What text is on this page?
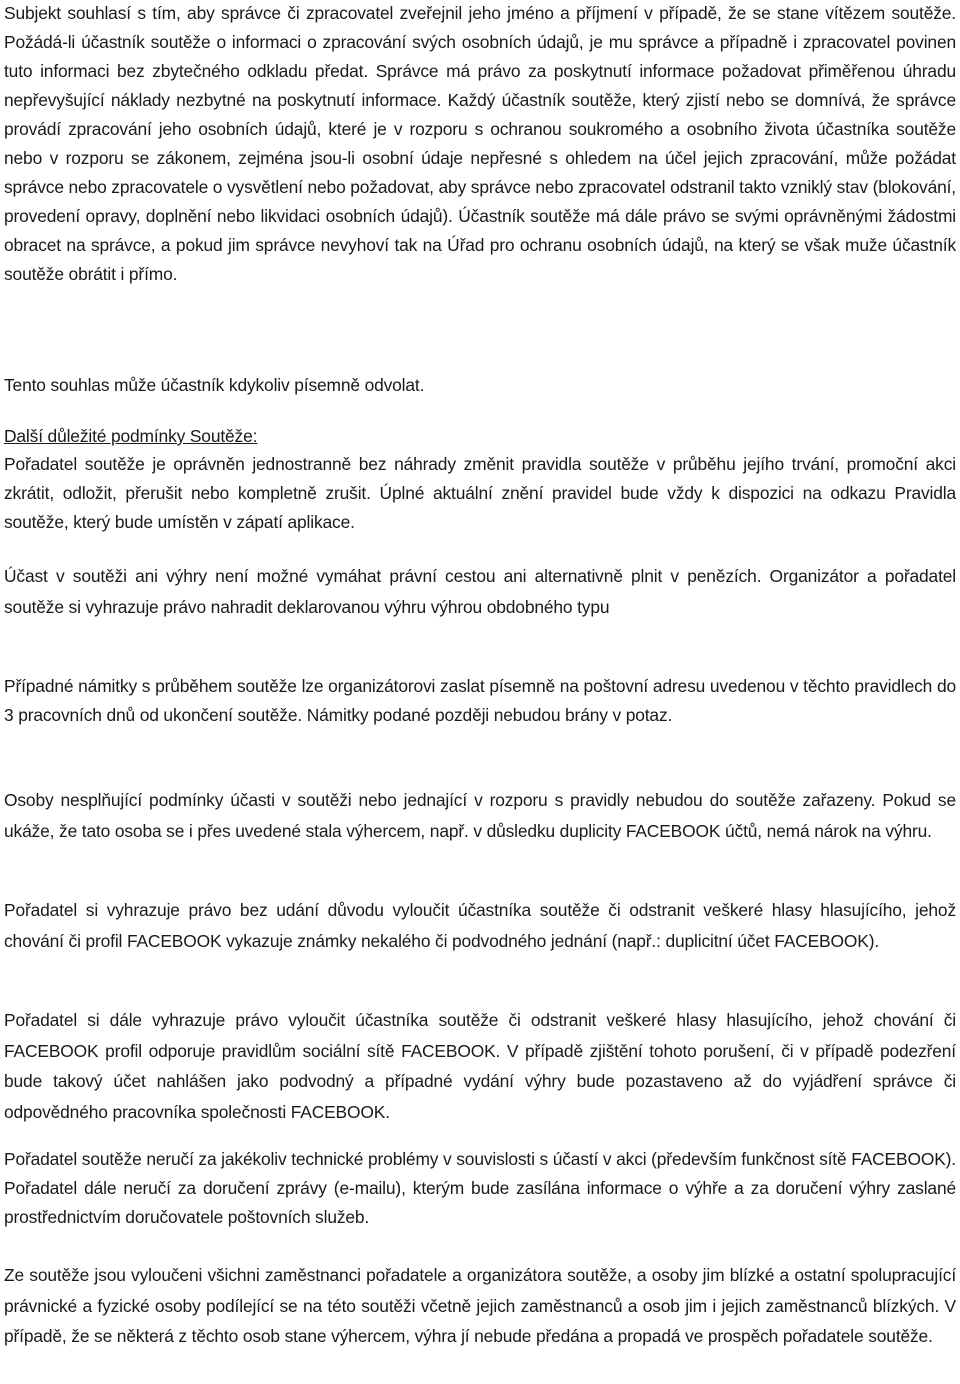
Subjekt souhlasí s tím, aby správce či zpracovatel zveřejnil jeho jméno a příjmení v případě, že se stane vítězem soutěže. Požádá-li účastník soutěže o informaci o zpracování svých osobních údajů, je mu správce a případně i zpracovatel povinen tuto informaci bez zbytečného odkladu předat. Správce má právo za poskytnutí informace požadovat přiměřenou úhradu nepřevyšující náklady nezbytné na poskytnutí informace. Každý účastník soutěže, který zjistí nebo se domnívá, že správce provádí zpracování jeho osobních údajů, které je v rozporu s ochranou soukromého a osobního života účastníka soutěže nebo v rozporu se zákonem, zejména jsou-li osobní údaje nepřesné s ohledem na účel jejich zpracování, může požádat správce nebo zpracovatele o vysvětlení nebo požadovat, aby správce nebo zpracovatel odstranil takto vzniklý stav (blokování, provedení opravy, doplnění nebo likvidaci osobních údajů). Účastník soutěže má dále právo se svými oprávněnými žádostmi obracet na správce, a pokud jim správce nevyhoví tak na Úřad pro ochranu osobních údajů, na který se však muže účastník soutěže obrátit i přímo.

Tento souhlas může účastník kdykoliv písemně odvolat.

Další důležité podmínky Soutěže:

Pořadatel soutěže je oprávněn jednostranně bez náhrady změnit pravidla soutěže v průběhu jejího trvání, promoční akci zkrátit, odložit, přerušit nebo kompletně zrušit. Úplné aktuální znění pravidel bude vždy k dispozici na odkazu Pravidla soutěže, který bude umístěn v zápatí aplikace.

Účast v soutěži ani výhry není možné vymáhat právní cestou ani alternativně plnit v penězích. Organizátor a pořadatel soutěže si vyhrazuje právo nahradit deklarovanou výhru výhrou obdobného typu

Případné námitky s průběhem soutěže lze organizátorovi zaslat písemně na poštovní adresu uvedenou v těchto pravidlech do 3 pracovních dnů od ukončení soutěže. Námitky podané později nebudou brány v potaz.

Osoby nesplňující podmínky účasti v soutěži nebo jednající v rozporu s pravidly nebudou do soutěže zařazeny. Pokud se ukáže, že tato osoba se i přes uvedené stala výhercem, např. v důsledku duplicity FACEBOOK účtů, nemá nárok na výhru.

Pořadatel si vyhrazuje právo bez udání důvodu vyloučit účastníka soutěže či odstranit veškeré hlasy hlasujícího, jehož chování či profil FACEBOOK vykazuje známky nekalého či podvodného jednání (např.: duplicitní účet FACEBOOK).

Pořadatel si dále vyhrazuje právo vyloučit účastníka soutěže či odstranit veškeré hlasy hlasujícího, jehož chování či FACEBOOK profil odporuje pravidlům sociální sítě FACEBOOK. V případě zjištění tohoto porušení, či v případě podezření bude takový účet nahlášen jako podvodný a případné vydání výhry bude pozastaveno až do vyjádření správce či odpovědného pracovníka společnosti FACEBOOK.

Pořadatel soutěže neručí za jakékoliv technické problémy v souvislosti s účastí v akci (především funkčnost sítě FACEBOOK). Pořadatel dále neručí za doručení zprávy (e-mailu), kterým bude zasílána informace o výhře a za doručení výhry zaslané prostřednictvím doručovatele poštovních služeb.

Ze soutěže jsou vyloučeni všichni zaměstnanci pořadatele a organizátora soutěže, a osoby jim blízké a ostatní spolupracující právnické a fyzické osoby podílející se na této soutěži včetně jejich zaměstnanců a osob jim i jejich zaměstnanců blízkých. V případě, že se některá z těchto osob stane výhercem, výhra jí nebude předána a propadá ve prospěch pořadatele soutěže.
